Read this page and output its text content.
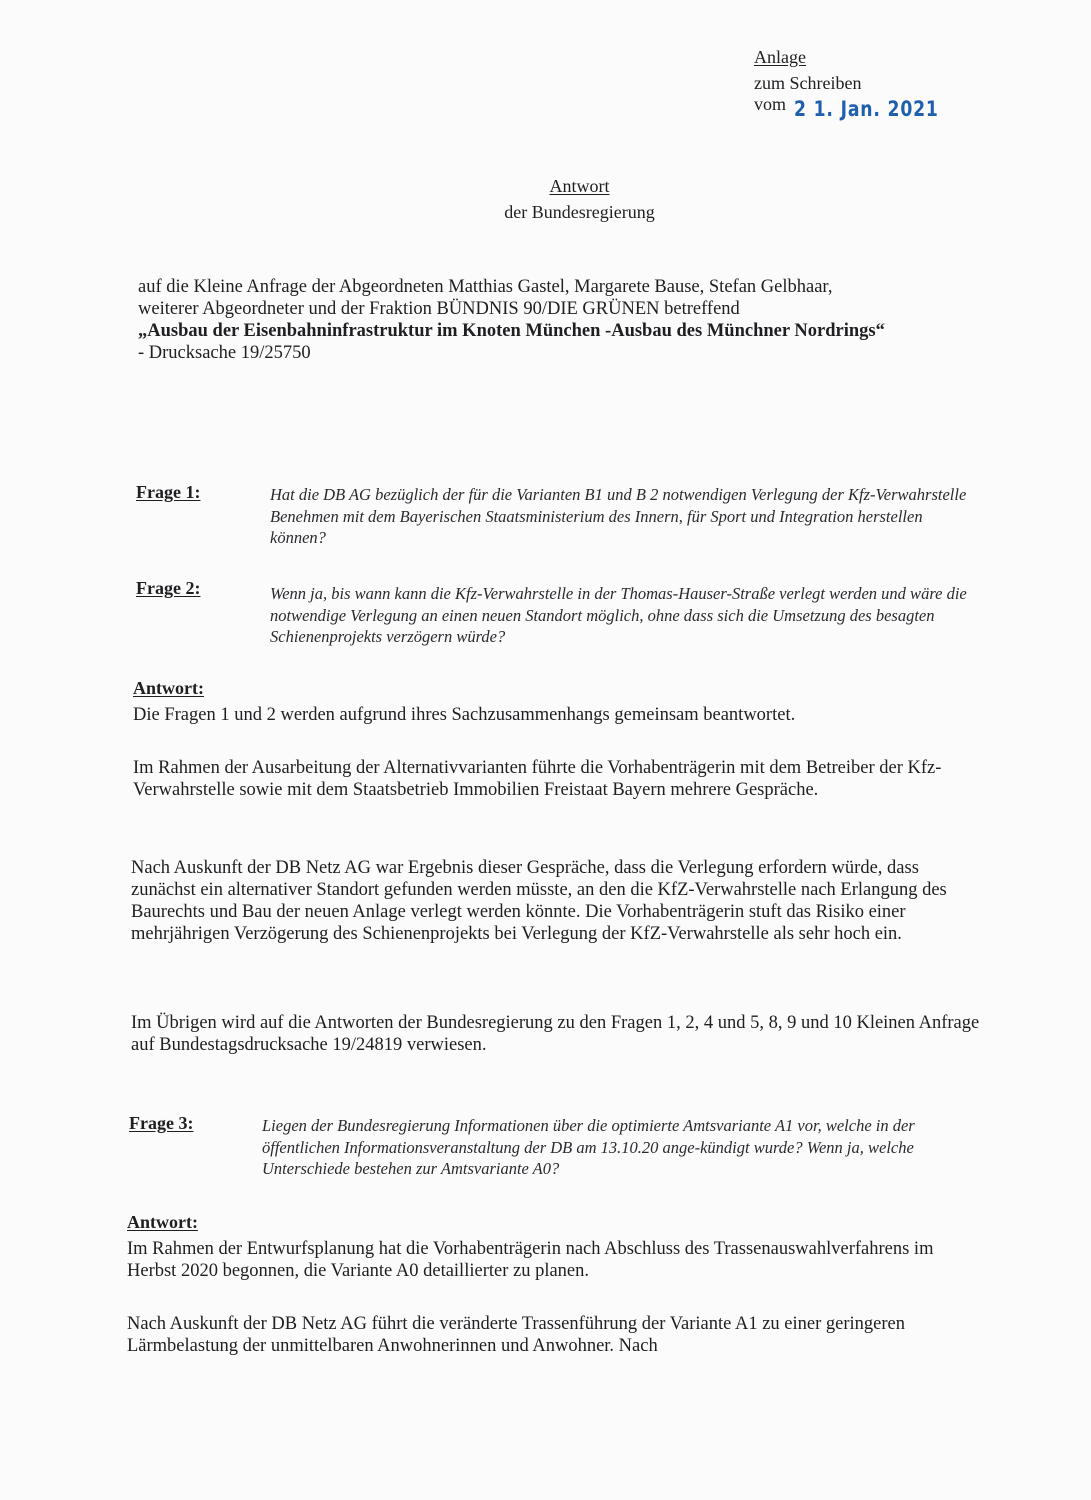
Anlage
zum Schreiben
vom 2 1. Jan. 2021
Antwort
der Bundesregierung
auf die Kleine Anfrage der Abgeordneten Matthias Gastel, Margarete Bause, Stefan Gelbhaar,
weiterer Abgeordneter und der Fraktion BÜNDNIS 90/DIE GRÜNEN betreffend
„Ausbau der Eisenbahninfrastruktur im Knoten München -Ausbau des Münchner Nordrings“
- Drucksache 19/25750
Frage 1:	Hat die DB AG bezüglich der für die Varianten B1 und B 2 notwendigen Verlegung der Kfz-Verwahrstelle Benehmen mit dem Bayerischen Staatsministerium des Innern, für Sport und Integration herstellen können?
Frage 2:	Wenn ja, bis wann kann die Kfz-Verwahrstelle in der Thomas-Hauser-Straße verlegt werden und wäre die notwendige Verlegung an einen neuen Standort möglich, ohne dass sich die Umsetzung des besagten Schienenprojekts verzögern würde?
Antwort:
Die Fragen 1 und 2 werden aufgrund ihres Sachzusammenhangs gemeinsam beantwortet.
Im Rahmen der Ausarbeitung der Alternativvarianten führte die Vorhabenträgerin mit dem Betreiber der Kfz-Verwahrstelle sowie mit dem Staatsbetrieb Immobilien Freistaat Bayern mehrere Gespräche.
Nach Auskunft der DB Netz AG war Ergebnis dieser Gespräche, dass die Verlegung erfordern würde, dass zunächst ein alternativer Standort gefunden werden müsste, an den die KfZ-Verwahrstelle nach Erlangung des Baurechts und Bau der neuen Anlage verlegt werden könnte. Die Vorhabenträgerin stuft das Risiko einer mehrjährigen Verzögerung des Schienenprojekts bei Verlegung der KfZ-Verwahrstelle als sehr hoch ein.
Im Übrigen wird auf die Antworten der Bundesregierung zu den Fragen 1, 2, 4 und 5, 8, 9 und 10 Kleinen Anfrage auf Bundestagsdrucksache 19/24819 verwiesen.
Frage 3:	Liegen der Bundesregierung Informationen über die optimierte Amtsvariante A1 vor, welche in der öffentlichen Informationsveranstaltung der DB am 13.10.20 ange-kündigt wurde? Wenn ja, welche Unterschiede bestehen zur Amtsvariante A0?
Antwort:
Im Rahmen der Entwurfsplanung hat die Vorhabenträgerin nach Abschluss des Trassenauswahlverfahrens im Herbst 2020 begonnen, die Variante A0 detaillierter zu planen.
Nach Auskunft der DB Netz AG führt die veränderte Trassenführung der Variante A1 zu einer geringeren Lärmbelastung der unmittelbaren Anwohnerinnen und Anwohner. Nach
